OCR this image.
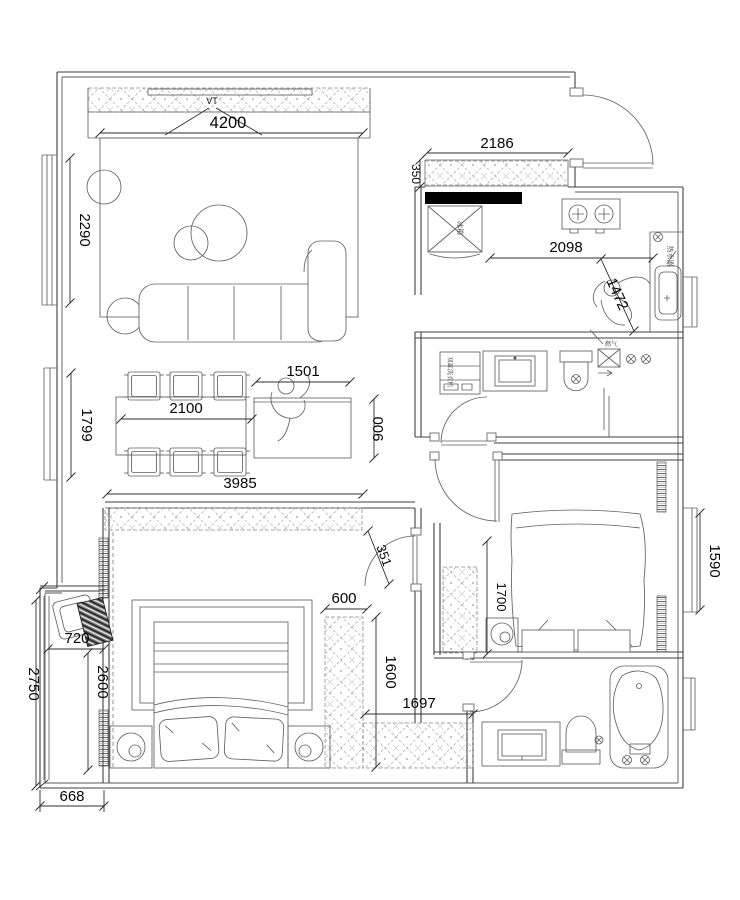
冰箱
热水器
双缸洗衣机
燃气
VT
4200
2290
2186
350
2098
1472
1501
2100
900
1799
3985
351	1590
1700
600
720
2600
2750	1600
1697
668
